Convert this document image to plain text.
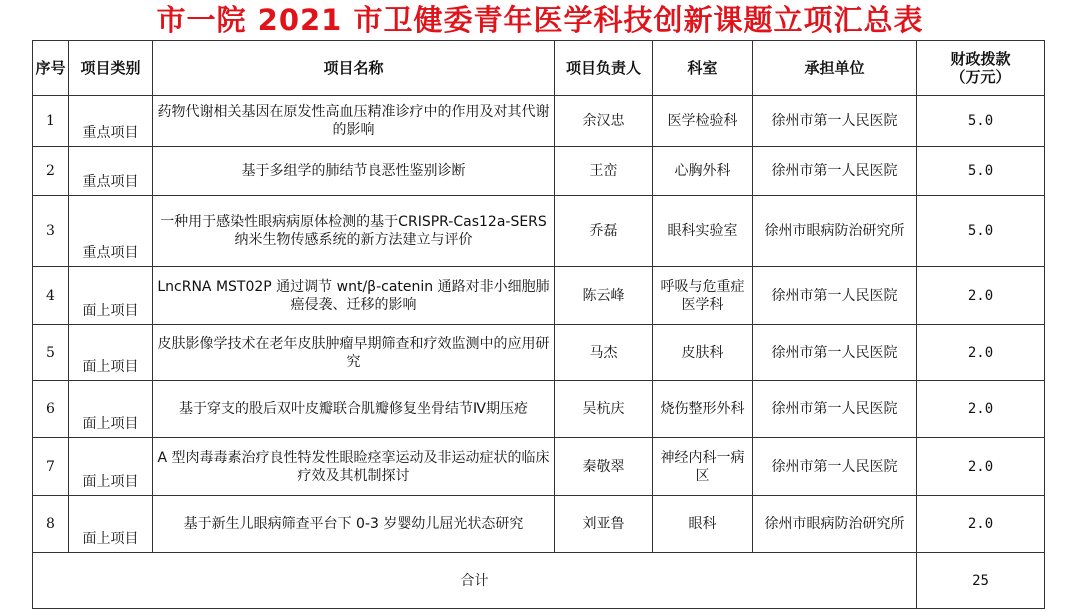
市一院 2021 市卫健委青年医学科技创新课题立项汇总表
序号	项目类别	项目名称	项目负责人	科室	承担单位	财政拨款
（万元）

1	重点项目	药物代谢相关基因在原发性高血压精准诊疗中的作用及对其代谢的影响	余汉忠	医学检验科	徐州市第一人民医院	5.0
2	重点项目	基于多组学的肺结节良恶性鉴别诊断	王峦	心胸外科	徐州市第一人民医院	5.0
3	重点项目	一种用于感染性眼病病原体检测的基于CRISPR-Cas12a-SERS 纳米生物传感系统的新方法建立与评价	乔磊	眼科实验室	徐州市眼病防治研究所	5.0
4	面上项目	LncRNA MST02P 通过调节 wnt/β-catenin 通路对非小细胞肺癌侵袭、迁移的影响	陈云峰	呼吸与危重症医学科	徐州市第一人民医院	2.0
5	面上项目	皮肤影像学技术在老年皮肤肿瘤早期筛查和疗效监测中的应用研究	马杰	皮肤科	徐州市第一人民医院	2.0
6	面上项目	基于穿支的股后双叶皮瓣联合肌瓣修复坐骨结节Ⅳ期压疮	吴杭庆	烧伤整形外科	徐州市第一人民医院	2.0
7	面上项目	A 型肉毒毒素治疗良性特发性眼睑痉挛运动及非运动症状的临床疗效及其机制探讨	秦敬翠	神经内科一病区	徐州市第一人民医院	2.0
8	面上项目	基于新生儿眼病筛查平台下 0-3 岁婴幼儿屈光状态研究	刘亚鲁	眼科	徐州市眼病防治研究所	2.0
合计						25
